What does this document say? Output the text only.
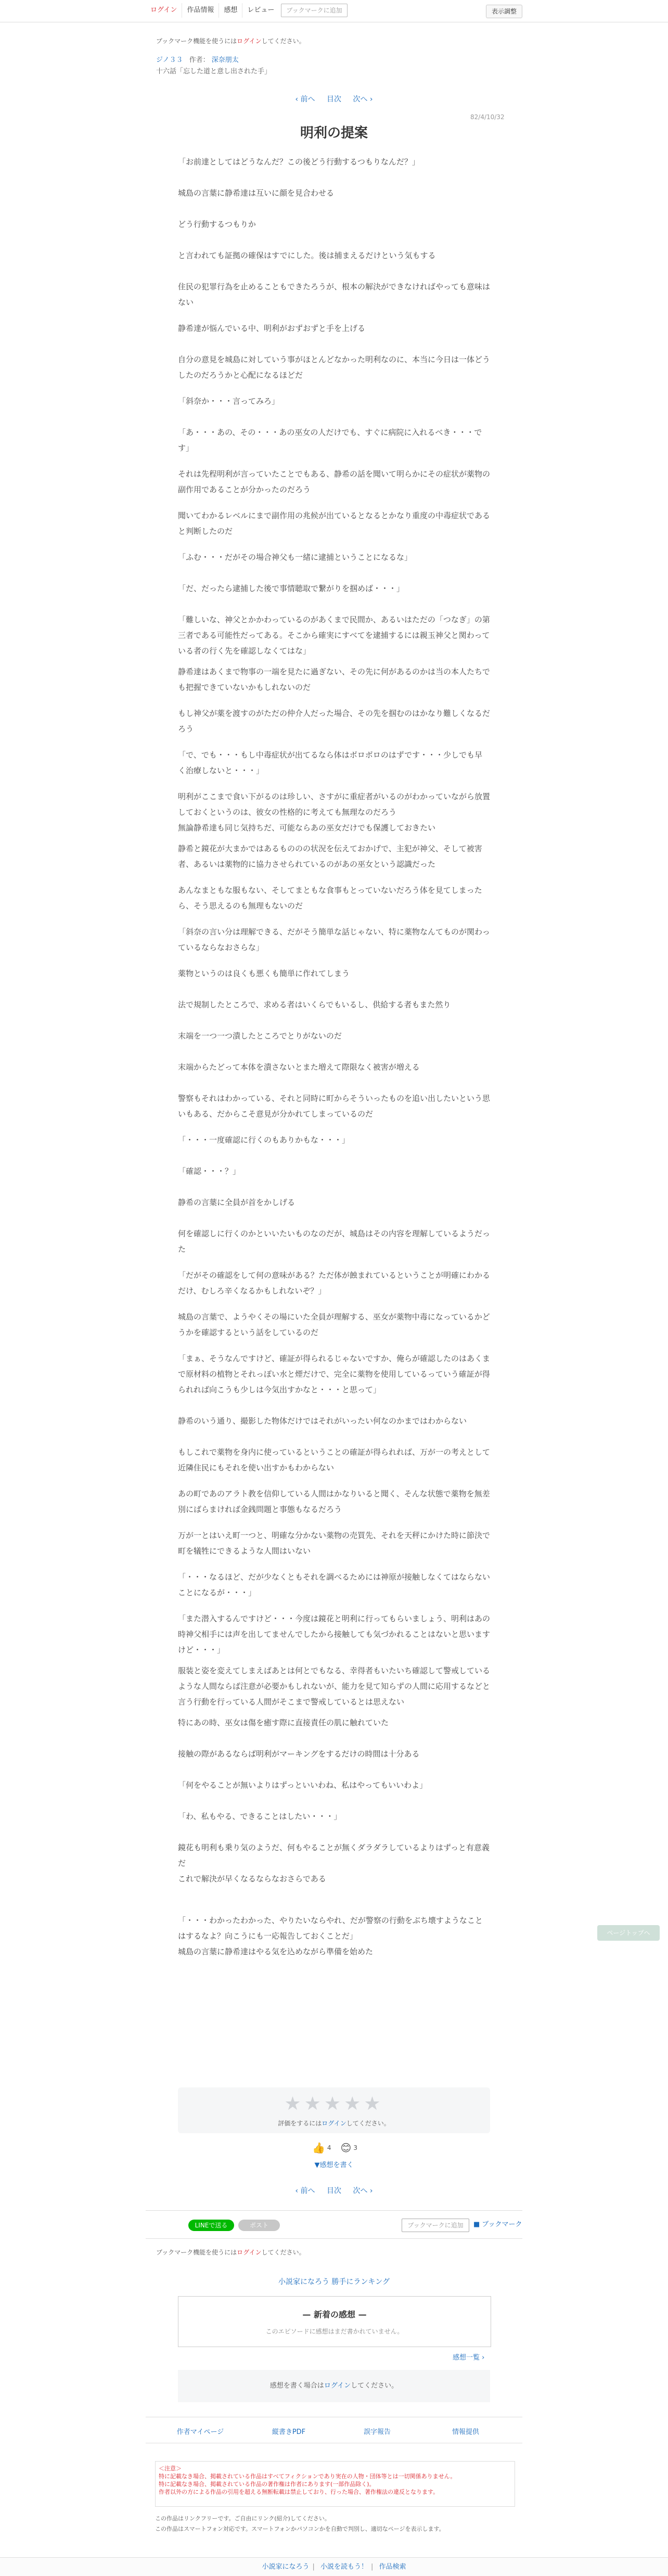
ログイン	作品情報	感想	レビュー	ブックマークに追加	表示調整
ブックマーク機能を使うにはログインしてください。
ジノ３３ 作者： 深奈朋太
十六話「忘した道と意し出された手」
‹ 前へ 目次 次へ ›
82/4/10/32
明利の提案

「お前達としてはどうなんだ？この後どう行動するつもりなんだ？」

城島の言葉に静希達は互いに顔を見合わせる

どう行動するつもりか

と言われても証拠の確保はすでにした。後は捕まえるだけという気もする

住民の犯罪行為を止めることもできたろうが、根本の解決ができなければやっても意味はない

静希達が悩んでいる中、明利がおずおずと手を上げる

自分の意見を城島に対していう事がほとんどなかった明利なのに、本当に今日は一体どうしたのだろうかと心配になるほどだ

「斜奈か・・・言ってみろ」

「あ・・・あの、その・・・あの巫女の人だけでも、すぐに病院に入れるべき・・・です」

それは先程明利が言っていたことでもある、静希の話を聞いて明らかにその症状が薬物の副作用であることが分かったのだろう

聞いてわかるレベルにまで副作用の兆候が出ているとなるとかなり重度の中毒症状であると判断したのだ

「ふむ・・・だがその場合神父も一緒に逮捕ということになるな」

「だ、だったら逮捕した後で事情聴取で繋がりを掴めば・・・」

「難しいな、神父とかかわっているのがあくまで民間か、あるいはただの「つなぎ」の第三者である可能性だってある。そこから確実にすべてを逮捕するには親玉神父と関わっている者の行く先を確認しなくてはな」

静希達はあくまで物事の一端を見たに過ぎない、その先に何があるのかは当の本人たちでも把握できていないかもしれないのだ

もし神父が薬を渡すのがただの仲介人だった場合、その先を掴むのはかなり難しくなるだろう

「で、でも・・・もし中毒症状が出てるなら体はボロボロのはずです・・・少しでも早く治療しないと・・・」

明利がここまで食い下がるのは珍しい、さすがに重症者がいるのがわかっていながら放置しておくというのは、彼女の性格的に考えても無理なのだろう
無論静希達も同じ気持ちだ、可能ならあの巫女だけでも保護しておきたい

静希と鏡花が大まかではあるもののの状況を伝えておかげで、主犯が神父、そして被害者、あるいは薬物的に協力させられているのがあの巫女という認識だった

あんなまともな服もない、そしてまともな食事もとっていないだろう体を見てしまったら、そう思えるのも無理もないのだ

「斜奈の言い分は理解できる、だがそう簡単な話じゃない、特に薬物なんてものが関わっているならなおさらな」

薬物というのは良くも悪くも簡単に作れてしまう

法で規制したところで、求める者はいくらでもいるし、供給する者もまた然り

末端を一つ一つ潰したところでとりがないのだ

末端からたどって本体を潰さないとまた増えて際限なく被害が増える

警察もそれはわかっている、それと同時に町からそういったものを追い出したいという思いもある、だからこそ意見が分かれてしまっているのだ

「・・・一度確認に行くのもありかもな・・・」

「確認・・・？」

静希の言葉に全員が首をかしげる

何を確認しに行くのかといいたいものなのだが、城島はその内容を理解しているようだった

「だがその確認をして何の意味がある？ただ体が蝕まれているということが明確にわかるだけ、むしろ辛くなるかもしれないぞ？」

城島の言葉で、ようやくその場にいた全員が理解する、巫女が薬物中毒になっているかどうかを確認するという話をしているのだ

「まぁ、そうなんですけど、確証が得られるじゃないですか、俺らが確認したのはあくまで原材料の植物とそれっぽい水と煙だけで、完全に薬物を使用しているっていう確証が得られれば向こうも少しは今気出すかなと・・・と思って」

静希のいう通り、撮影した物体だけではそれがいったい何なのかまではわからない

もしこれで薬物を身内に使っているということの確証が得られれば、万が一の考えとして近隣住民にもそれを使い出すかもわからない

あの町であのアラト教を信仰している人間はかなりいると聞く、そんな状態で薬物を無差別にばらまければ金銭問題と事態もなるだろう

万が一とはいえ町一つと、明確な分かない薬物の売買先、それを天秤にかけた時に節決で町を犠牲にできるような人間はいない

「・・・なるほど、だが少なくともそれを調べるためには神原が接触しなくてはならないことになるが・・・」

「また潜入するんですけど・・・今度は鏡花と明利に行ってもらいましょう、明利はあの時神父相手には声を出してませんでしたから接触しても気づかれることはないと思いますけど・・・」

服装と姿を変えてしまえばあとは何とでもなる、幸得者もいたいち確認して警戒しているような人間ならば注意が必要かもしれないが、能力を見て知らずの人間に応用するなどと言う行動を行っている人間がそこまで警戒しているとは思えない

特にあの時、巫女は傷を癒す際に直接責任の肌に触れていた

接触の際があるならば明利がマーキングをするだけの時間は十分ある

「何をやることが無いよりはずっといいわね、私はやってもいいわよ」

「わ、私もやる、できることはしたい・・・」

鏡花も明利も乗り気のようだ、何もやることが無くダラダラしているよりはずっと有意義だ

これで解決が早くなるならなおさらである

「・・・わかったわかった、やりたいならやれ、だが警察の行動をぶち壊すようなことはするなよ？向こうにも一応報告しておくことだ」

城島の言葉に静希達はやる気を込めながら準備を始めた

ページトップへ
★★★★★
評価をするにはログインしてください。
👍 4 😊 3
▼感想を書く
‹ 前へ 目次 次へ ›
LINEで送る	ポスト	ブックマークに追加	■ ブックマーク
ブックマーク機能を使うにはログインしてください。
小説家になろう 勝手にランキング
— 新着の感想 —
このエピソードに感想はまだ書かれていません。
感想一覧 ›
感想を書く場合はログインしてください。
作者マイページ	縦書きPDF	誤字報告	情報提供

＜注意＞

特に記載なき場合、掲載されている作品はすべてフィクションであり実在の人物・団体等とは一切関係ありません。

特に記載なき場合、掲載されている作品の著作権は作者にあります(一部作品除く)。

作者以外の方による作品の引用を超える無断転載は禁止しており、行った場合、著作権法の違反となります。

この作品はリンクフリーです。ご自由にリンク(紹介)してください。
この作品はスマートフォン対応です。スマートフォンかパソコンかを自動で判別し、適切なページを表示します。
小説家になろう | 小説を読もう！ | 作品検索
